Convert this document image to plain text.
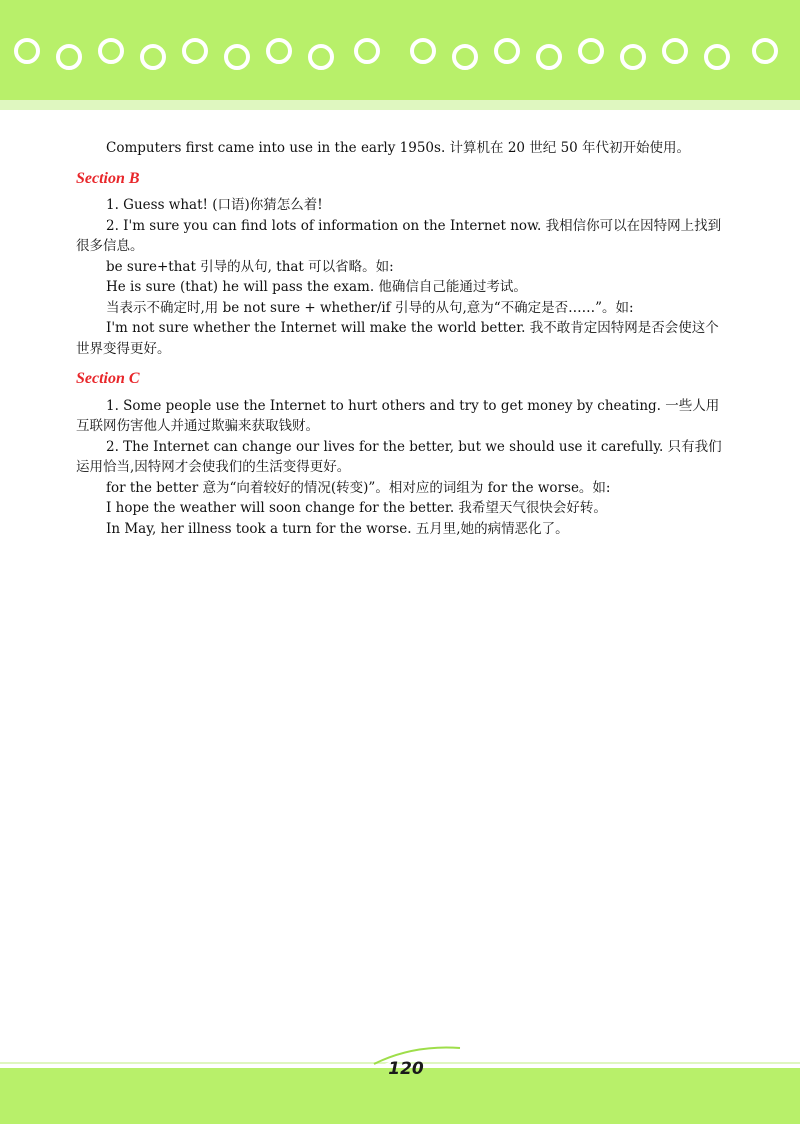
Computers first came into use in the early 1950s. 计算机在 20 世纪 50 年代初开始使用。

Section B

1. Guess what! (口语)你猜怎么着!

2. I'm sure you can find lots of information on the Internet now. 我相信你可以在因特网上找到很多信息。

be sure+that 引导的从句, that 可以省略。如:

He is sure (that) he will pass the exam. 他确信自己能通过考试。

当表示不确定时,用 be not sure + whether/if 引导的从句,意为“不确定是否……”。如:

I'm not sure whether the Internet will make the world better. 我不敢肯定因特网是否会使这个世界变得更好。

Section C

1. Some people use the Internet to hurt others and try to get money by cheating. 一些人用互联网伤害他人并通过欺骗来获取钱财。

2. The Internet can change our lives for the better, but we should use it carefully. 只有我们运用恰当,因特网才会使我们的生活变得更好。

for the better 意为“向着较好的情况(转变)”。相对应的词组为 for the worse。如:

I hope the weather will soon change for the better. 我希望天气很快会好转。

In May, her illness took a turn for the worse. 五月里,她的病情恶化了。

120
